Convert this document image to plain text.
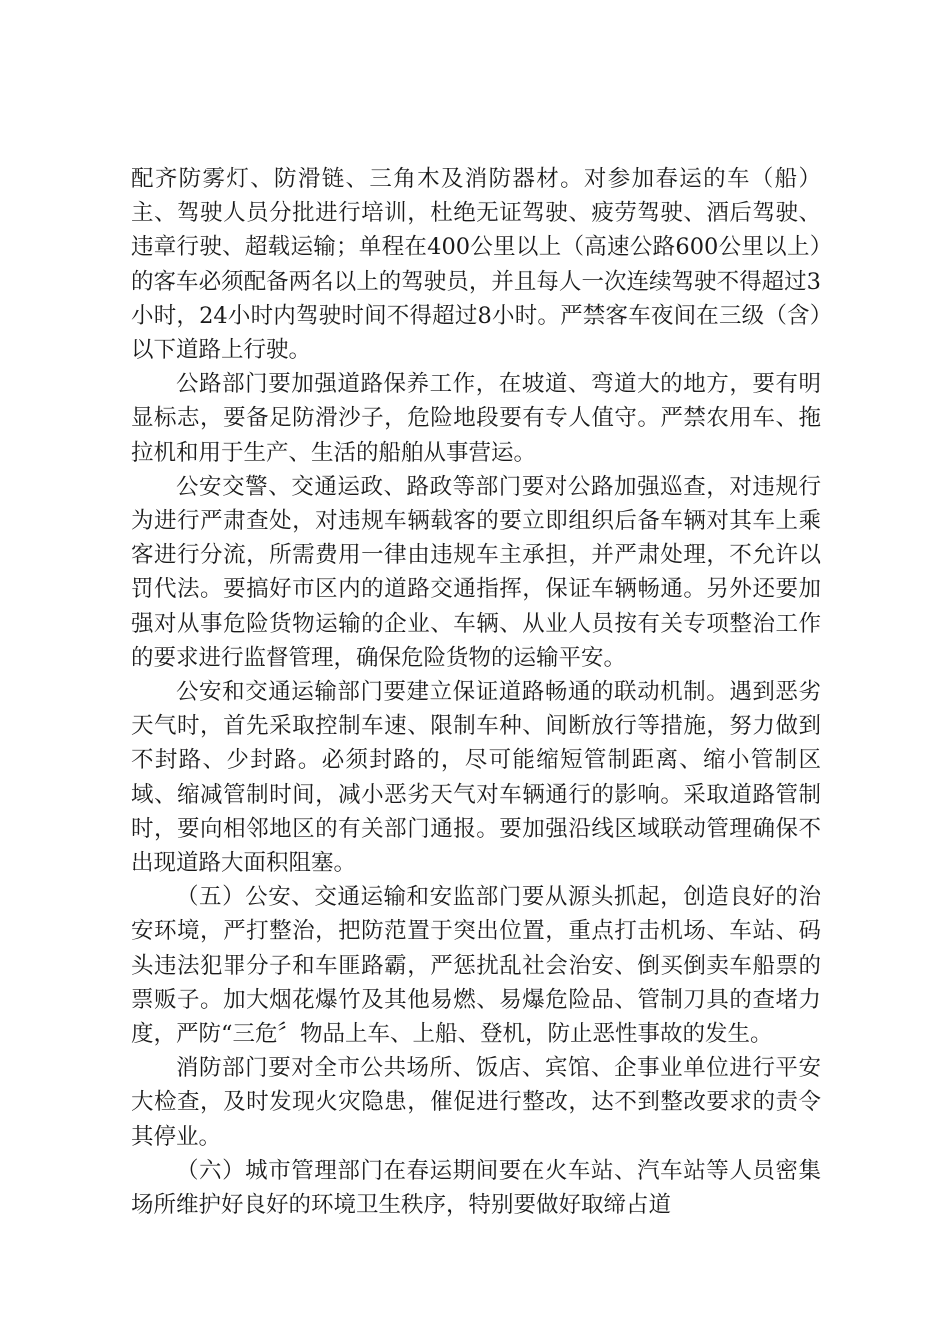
配齐防雾灯、防滑链、三角木及消防器材。对参加春运的车（船）主、驾驶人员分批进行培训，杜绝无证驾驶、疲劳驾驶、酒后驾驶、违章行驶、超载运输；单程在400公里以上（高速公路600公里以上）的客车必须配备两名以上的驾驶员，并且每人一次连续驾驶不得超过3小时，24小时内驾驶时间不得超过8小时。严禁客车夜间在三级（含）以下道路上行驶。

公路部门要加强道路保养工作，在坡道、弯道大的地方，要有明显标志，要备足防滑沙子，危险地段要有专人值守。严禁农用车、拖拉机和用于生产、生活的船舶从事营运。

公安交警、交通运政、路政等部门要对公路加强巡查，对违规行为进行严肃查处，对违规车辆载客的要立即组织后备车辆对其车上乘客进行分流，所需费用一律由违规车主承担，并严肃处理，不允许以罚代法。要搞好市区内的道路交通指挥，保证车辆畅通。另外还要加强对从事危险货物运输的企业、车辆、从业人员按有关专项整治工作的要求进行监督管理，确保危险货物的运输平安。

公安和交通运输部门要建立保证道路畅通的联动机制。遇到恶劣天气时，首先采取控制车速、限制车种、间断放行等措施，努力做到不封路、少封路。必须封路的，尽可能缩短管制距离、缩小管制区域、缩减管制时间，减小恶劣天气对车辆通行的影响。采取道路管制时，要向相邻地区的有关部门通报。要加强沿线区域联动管理确保不出现道路大面积阻塞。

（五）公安、交通运输和安监部门要从源头抓起，创造良好的治安环境，严打整治，把防范置于突出位置，重点打击机场、车站、码头违法犯罪分子和车匪路霸，严惩扰乱社会治安、倒买倒卖车船票的票贩子。加大烟花爆竹及其他易燃、易爆危险品、管制刀具的查堵力度，严防“三危〞物品上车、上船、登机，防止恶性事故的发生。

消防部门要对全市公共场所、饭店、宾馆、企事业单位进行平安大检查，及时发现火灾隐患，催促进行整改，达不到整改要求的责令其停业。

（六）城市管理部门在春运期间要在火车站、汽车站等人员密集场所维护好良好的环境卫生秩序，特别要做好取缔占道
